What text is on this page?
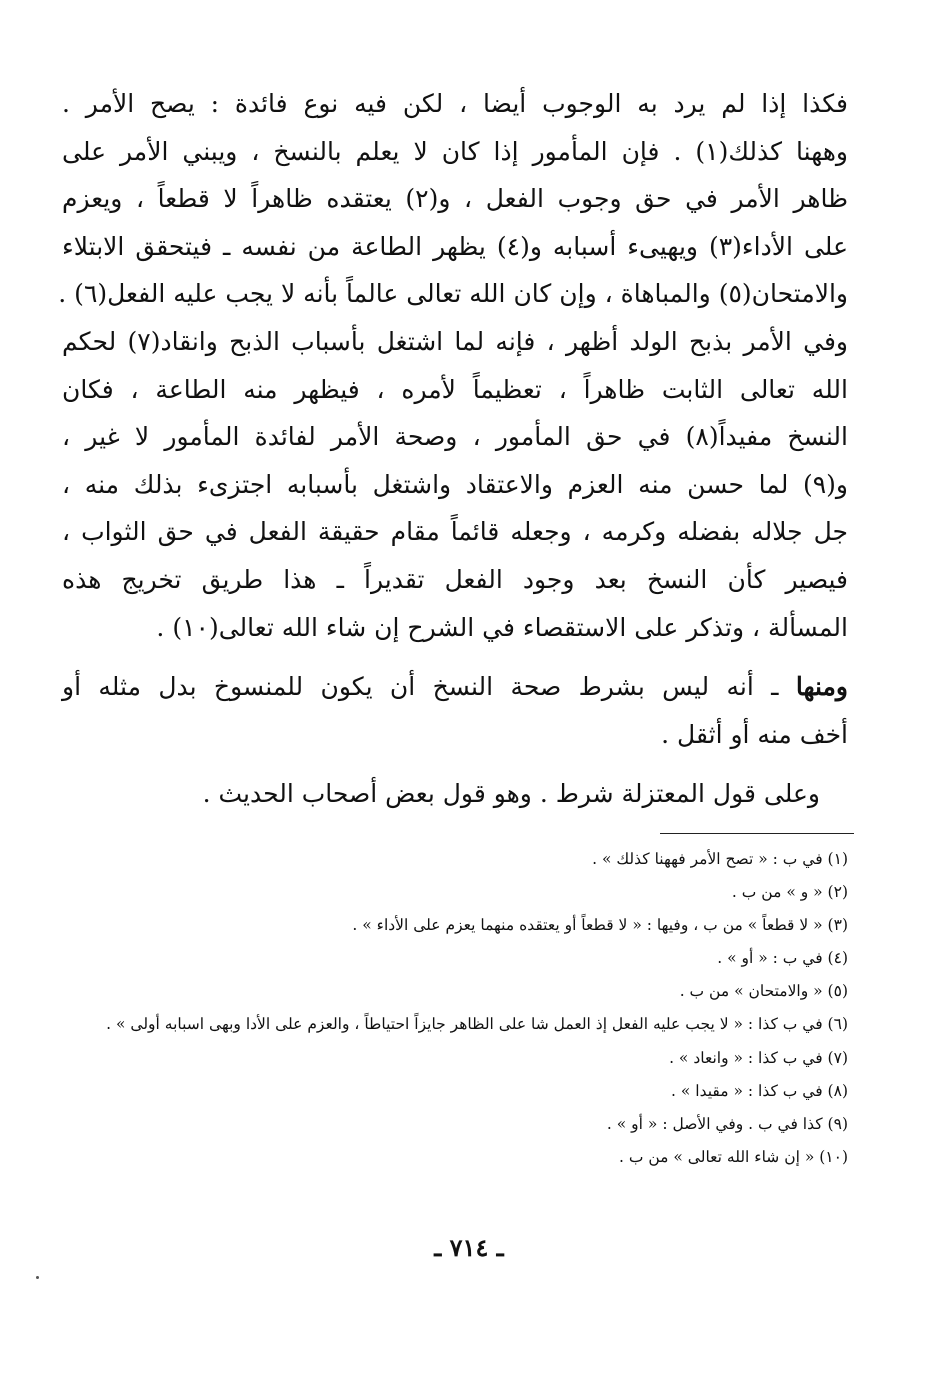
فكذا إذا لم يرد به الوجوب أيضا ، لكن فيه نوع فائدة : يصح الأمر .
وههنا كذلك(١) . فإن المأمور إذا كان لا يعلم بالنسخ ، ويبني الأمر على
ظاهر الأمر في حق وجوب الفعل ، و(٢) يعتقده ظاهراً لا قطعاً ، ويعزم
على الأداء(٣) ويهيىء أسبابه و(٤) يظهر الطاعة من نفسه ـ فيتحقق الابتلاء
والامتحان(٥) والمباهاة ، وإن كان الله تعالى عالماً بأنه لا يجب عليه الفعل(٦) .
وفي الأمر بذبح الولد أظهر ، فإنه لما اشتغل بأسباب الذبح وانقاد(٧) لحكم
الله تعالى الثابت ظاهراً ، تعظيماً لأمره ، فيظهر منه الطاعة ، فكان
النسخ مفيداً(٨) في حق المأمور ، وصحة الأمر لفائدة المأمور لا غير ،
و(٩) لما حسن منه العزم والاعتقاد واشتغل بأسبابه اجتزىء بذلك منه ،
جل جلاله بفضله وكرمه ، وجعله قائماً مقام حقيقة الفعل في حق الثواب ،
فيصير كأن النسخ بعد وجود الفعل تقديراً ـ هذا طريق تخريج هذه
المسألة ، وتذكر على الاستقصاء في الشرح إن شاء الله تعالى(١٠) .
ومنها ـ أنه ليس بشرط صحة النسخ أن يكون للمنسوخ بدل مثله أو
أخف منه أو أثقل .
وعلى قول المعتزلة شرط . وهو قول بعض أصحاب الحديث .
(١) في ب : « تصح الأمر فههنا كذلك » .
(٢) « و » من ب .
(٣) « لا قطعاً » من ب ، وفيها : « لا قطعاً أو يعتقده منهما يعزم على الأداء » .
(٤) في ب : « أو » .
(٥) « والامتحان » من ب .
(٦) في ب كذا : « لا يجب عليه الفعل إذ العمل شا على الظاهر جايزاً احتياطاً ، والعزم على الأدا وبهى اسبابه أولى » .
(٧) في ب كذا : « وانعاد » .
(٨) في ب كذا : « مقيدا » .
(٩) كذا في ب . وفي الأصل : « أو » .
(١٠) « إن شاء الله تعالى » من ب .
ـ ٧١٤ ـ
